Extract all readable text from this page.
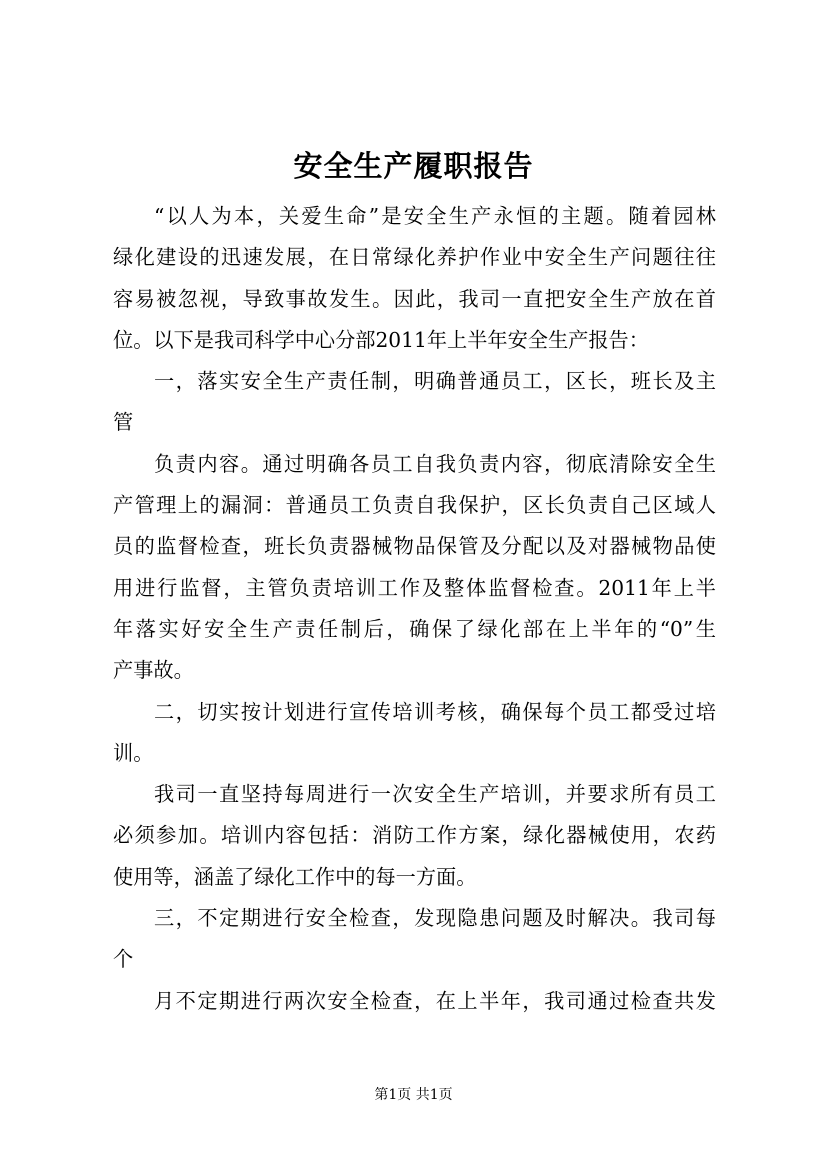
安全生产履职报告
“以人为本，关爱生命”是安全生产永恒的主题。随着园林
绿化建设的迅速发展，在日常绿化养护作业中安全生产问题往往
容易被忽视，导致事故发生。因此，我司一直把安全生产放在首
位。以下是我司科学中心分部2011年上半年安全生产报告：
一，落实安全生产责任制，明确普通员工，区长，班长及主
管
负责内容。通过明确各员工自我负责内容，彻底清除安全生
产管理上的漏洞：普通员工负责自我保护，区长负责自己区域人
员的监督检查，班长负责器械物品保管及分配以及对器械物品使
用进行监督，主管负责培训工作及整体监督检查。2011年上半
年落实好安全生产责任制后，确保了绿化部在上半年的“0”生
产事故。
二，切实按计划进行宣传培训考核，确保每个员工都受过培
训。
我司一直坚持每周进行一次安全生产培训，并要求所有员工
必须参加。培训内容包括：消防工作方案，绿化器械使用，农药
使用等，涵盖了绿化工作中的每一方面。
三，不定期进行安全检查，发现隐患问题及时解决。我司每
个
月不定期进行两次安全检查，在上半年，我司通过检查共发
第1页 共1页
